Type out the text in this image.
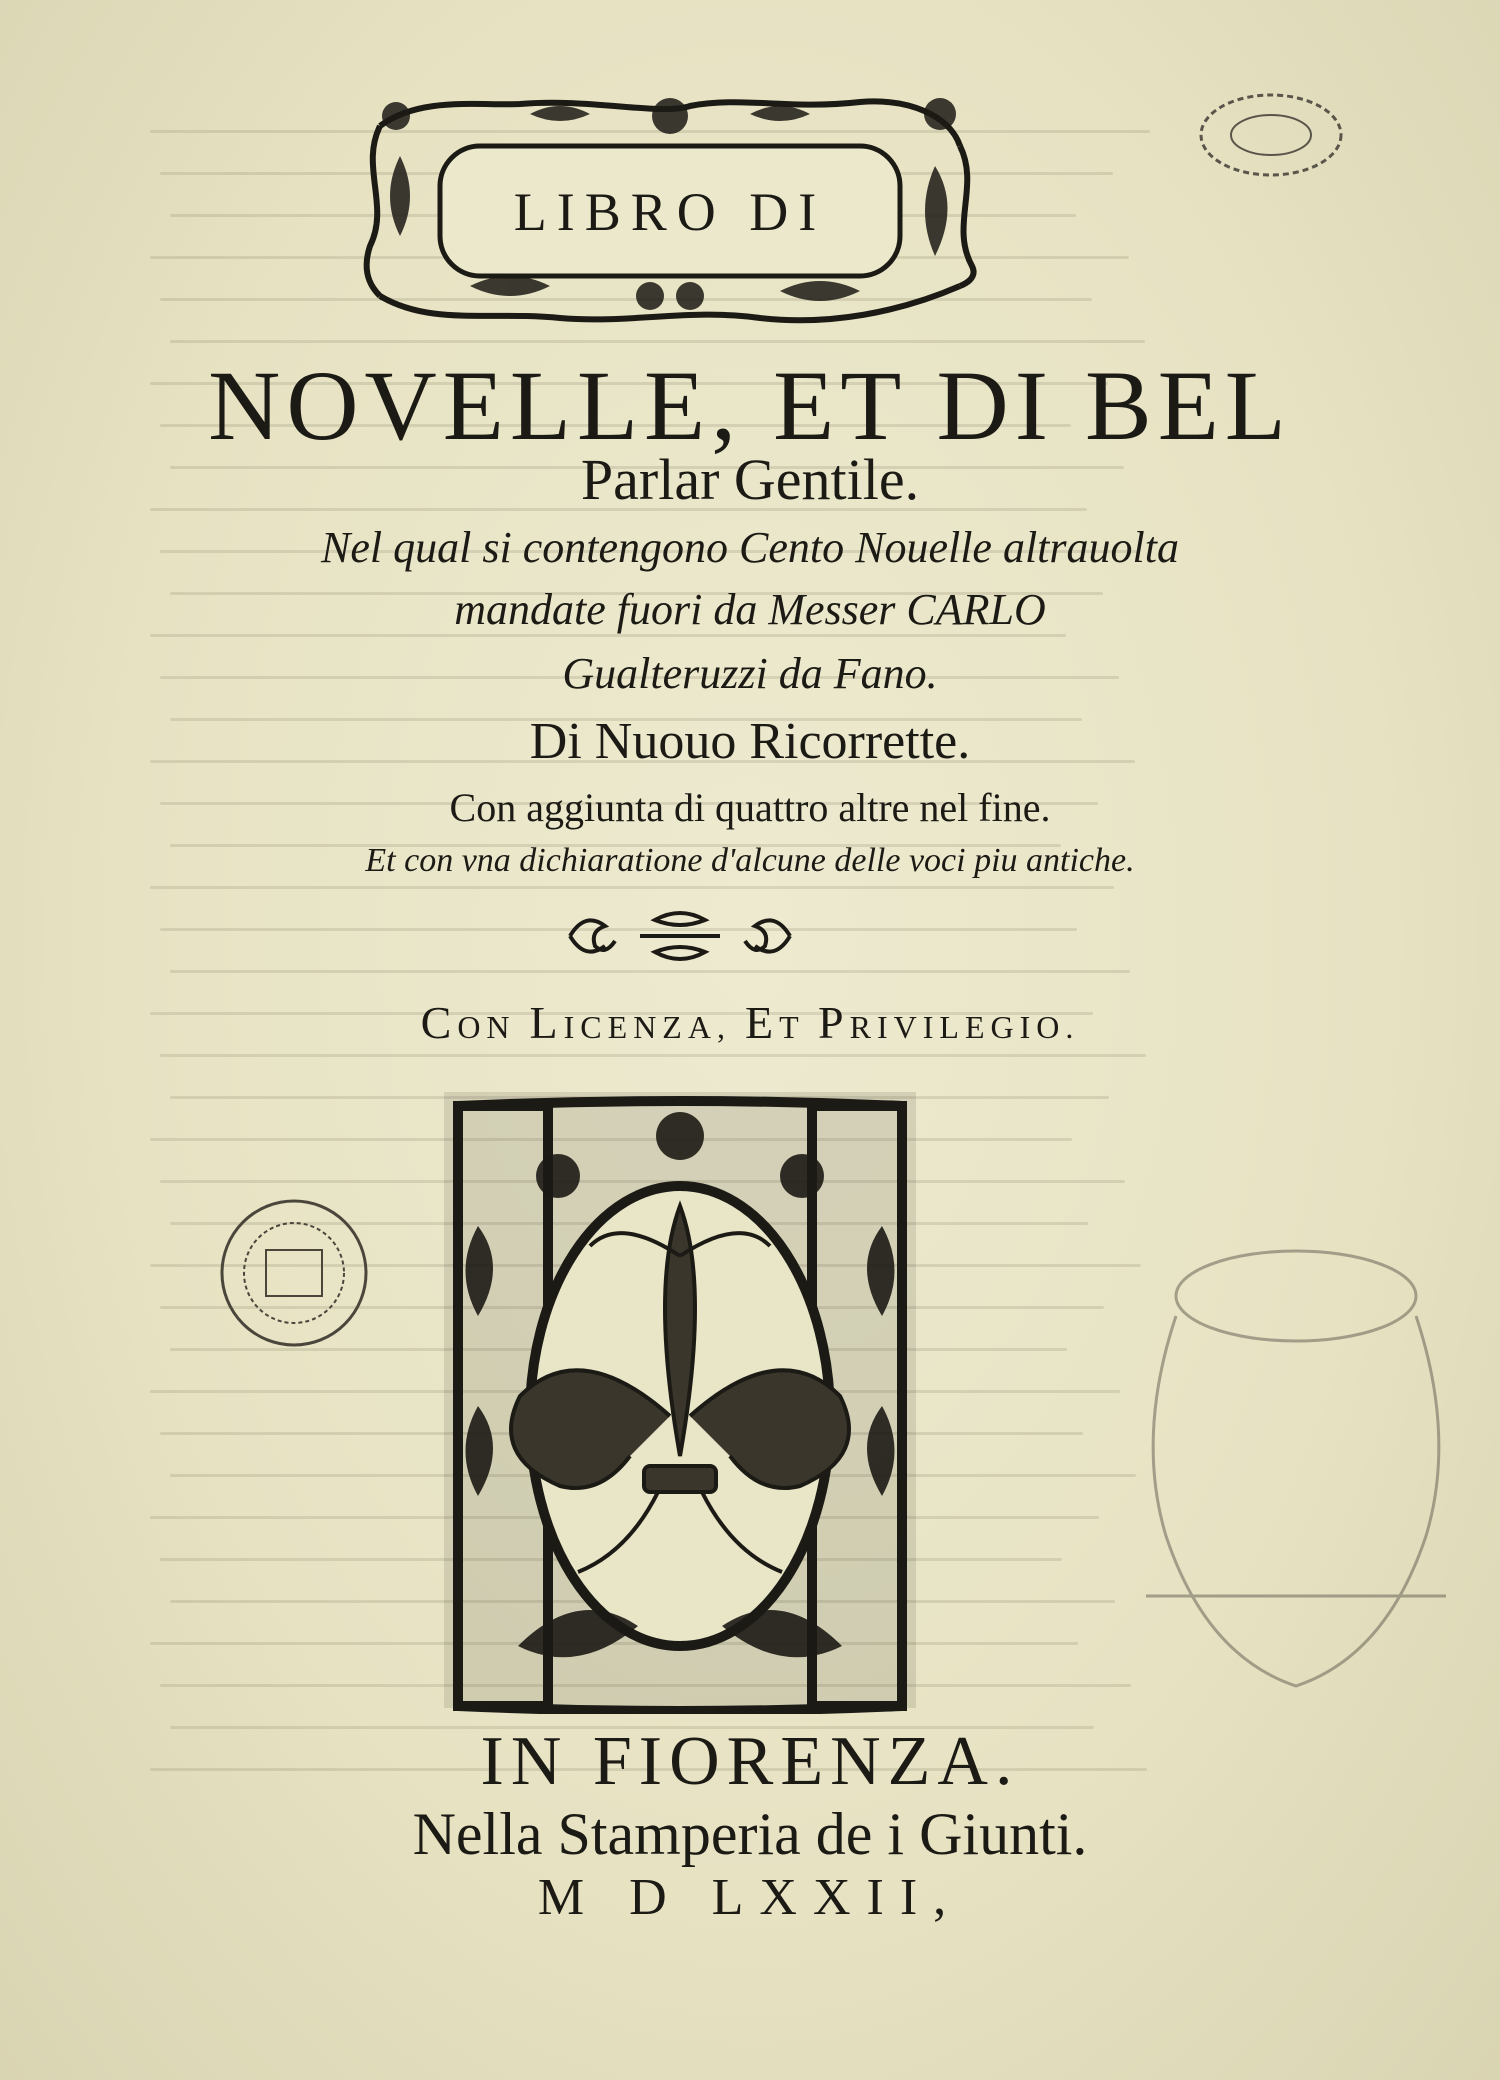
LIBRO DI
NOVELLE, ET DI BEL
Parlar Gentile.
Nel qual si contengono Cento Nouelle altrauolta
mandate fuori da Messer CARLO
Gualteruzzi da Fano.
Di Nuouo Ricorrette.
Con aggiunta di quattro altre nel fine.
Et con vna dichiaratione d'alcune delle voci piu antiche.
CON LICENZA, ET PRIVILEGIO.
IN FIORENZA.
Nella Stamperia de i Giunti.
M D LXXII,
